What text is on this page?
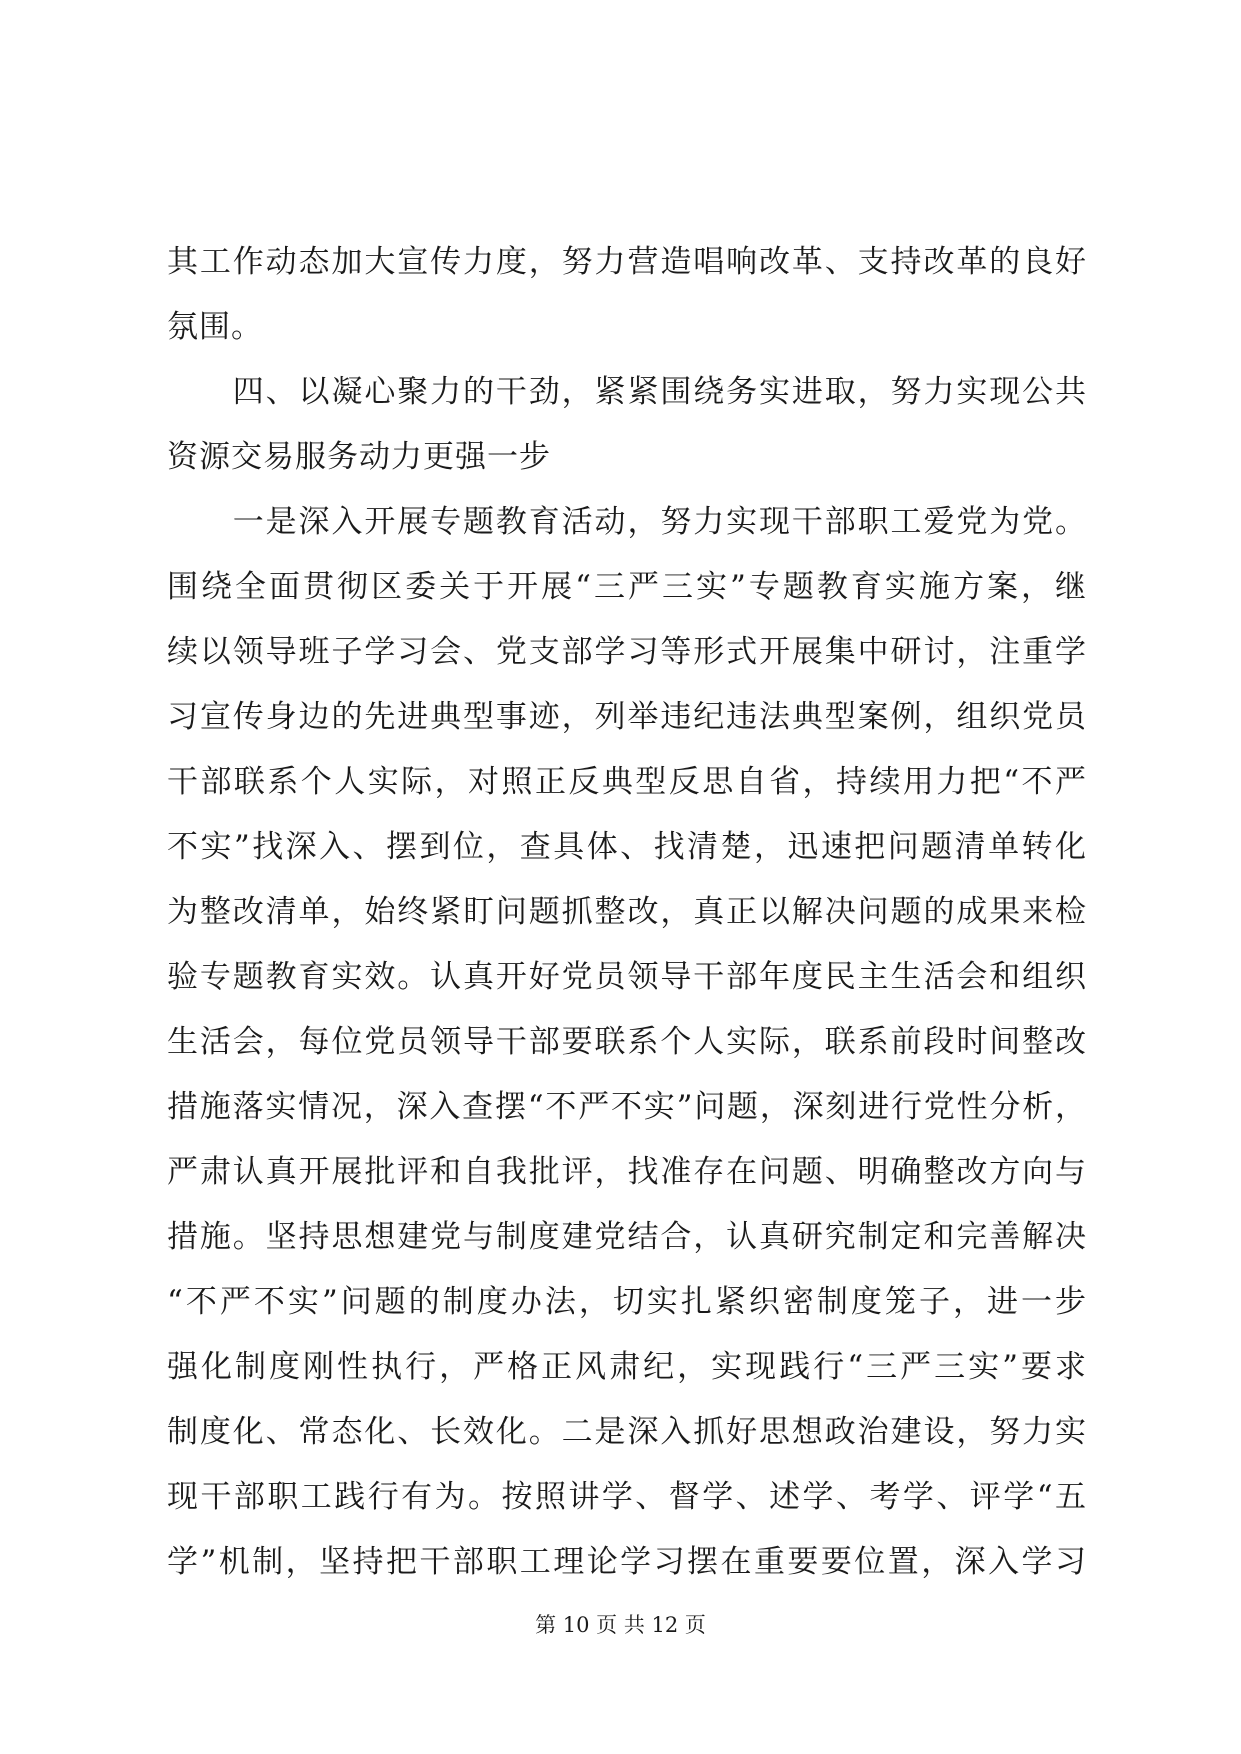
其工作动态加大宣传力度，努力营造唱响改革、支持改革的良好
氛围。
　　四、以凝心聚力的干劲，紧紧围绕务实进取，努力实现公共
资源交易服务动力更强一步
　　一是深入开展专题教育活动，努力实现干部职工爱党为党。
围绕全面贯彻区委关于开展“三严三实”专题教育实施方案，继
续以领导班子学习会、党支部学习等形式开展集中研讨，注重学
习宣传身边的先进典型事迹，列举违纪违法典型案例，组织党员
干部联系个人实际，对照正反典型反思自省，持续用力把“不严
不实”找深入、摆到位，查具体、找清楚，迅速把问题清单转化
为整改清单，始终紧盯问题抓整改，真正以解决问题的成果来检
验专题教育实效。认真开好党员领导干部年度民主生活会和组织
生活会，每位党员领导干部要联系个人实际，联系前段时间整改
措施落实情况，深入查摆“不严不实”问题，深刻进行党性分析，
严肃认真开展批评和自我批评，找准存在问题、明确整改方向与
措施。坚持思想建党与制度建党结合，认真研究制定和完善解决
“不严不实”问题的制度办法，切实扎紧织密制度笼子，进一步
强化制度刚性执行，严格正风肃纪，实现践行“三严三实”要求
制度化、常态化、长效化。二是深入抓好思想政治建设，努力实
现干部职工践行有为。按照讲学、督学、述学、考学、评学“五
学”机制，坚持把干部职工理论学习摆在重要要位置，深入学习
第 10 页 共 12 页
